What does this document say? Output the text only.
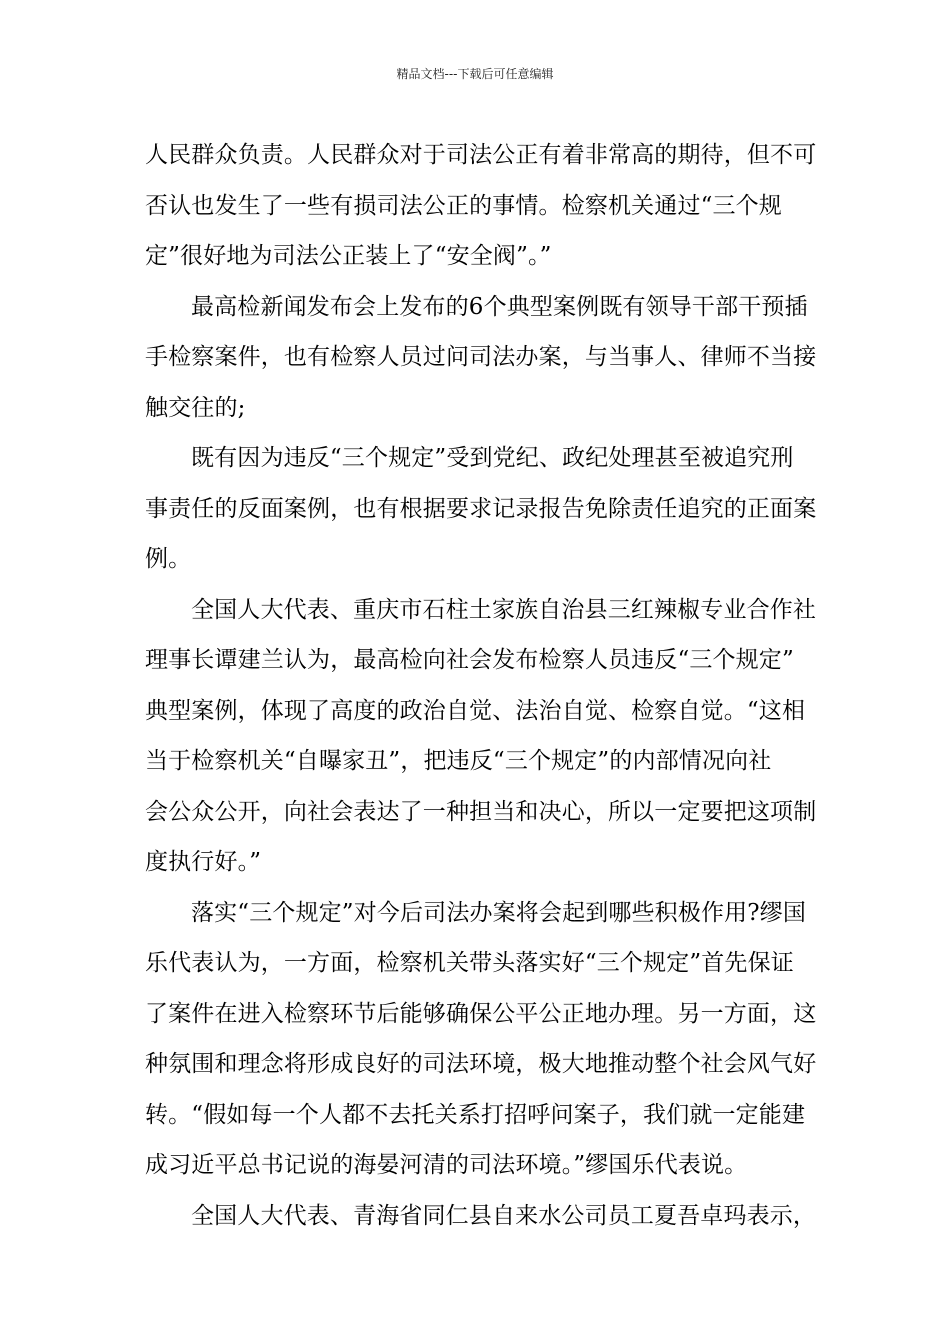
精品文档---下载后可任意编辑
人民群众负责。人民群众对于司法公正有着非常高的期待，但不可
否认也发生了一些有损司法公正的事情。检察机关通过“三个规
定”很好地为司法公正装上了“安全阀”。”
最高检新闻发布会上发布的6个典型案例既有领导干部干预插
手检察案件，也有检察人员过问司法办案，与当事人、律师不当接
触交往的;
既有因为违反“三个规定”受到党纪、政纪处理甚至被追究刑
事责任的反面案例，也有根据要求记录报告免除责任追究的正面案
例。
全国人大代表、重庆市石柱土家族自治县三红辣椒专业合作社
理事长谭建兰认为，最高检向社会发布检察人员违反“三个规定”
典型案例，体现了高度的政治自觉、法治自觉、检察自觉。“这相
当于检察机关“自曝家丑”，把违反“三个规定”的内部情况向社
会公众公开，向社会表达了一种担当和决心，所以一定要把这项制
度执行好。”
落实“三个规定”对今后司法办案将会起到哪些积极作用?缪国
乐代表认为，一方面，检察机关带头落实好“三个规定”首先保证
了案件在进入检察环节后能够确保公平公正地办理。另一方面，这
种氛围和理念将形成良好的司法环境，极大地推动整个社会风气好
转。“假如每一个人都不去托关系打招呼问案子，我们就一定能建
成习近平总书记说的海晏河清的司法环境。”缪国乐代表说。
全国人大代表、青海省同仁县自来水公司员工夏吾卓玛表示，
